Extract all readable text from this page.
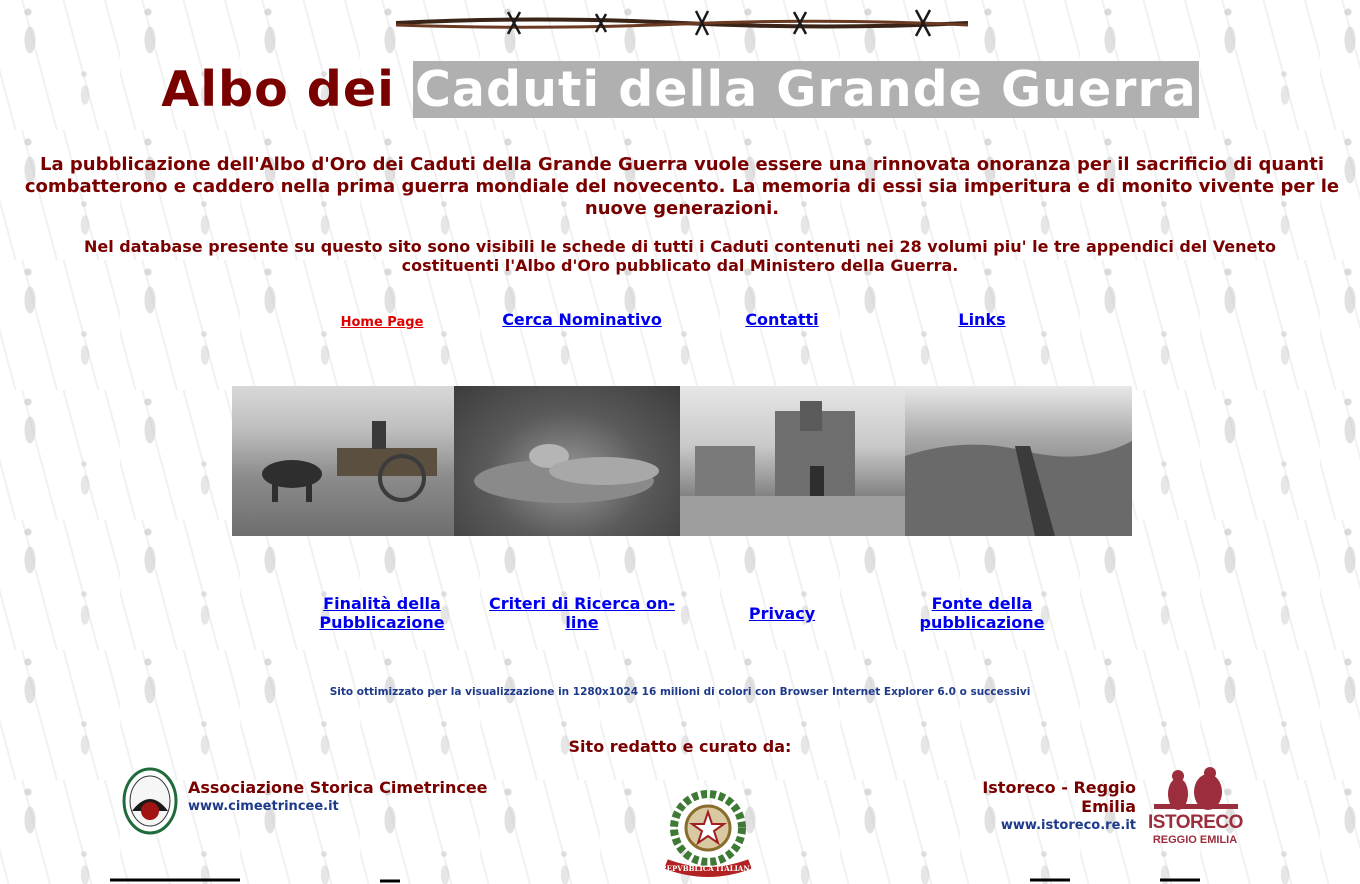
Albo dei Caduti della Grande Guerra
La pubblicazione dell'Albo d'Oro dei Caduti della Grande Guerra vuole essere una rinnovata onoranza per il sacrificio di quanti combatterono e caddero nella prima guerra mondiale del novecento. La memoria di essi sia imperitura e di monito vivente per le nuove generazioni.
Nel database presente su questo sito sono visibili le schede di tutti i Caduti contenuti nei 28 volumi piu' le tre appendici del Veneto costituenti l'Albo d'Oro pubblicato dal Ministero della Guerra.
Home Page	Cerca Nominativo	Contatti	Links
Finalità della Pubblicazione
Criteri di Ricerca on-line	Privacy
Fonte della pubblicazione
Sito ottimizzato per la visualizzazione in 1280x1024 16 milioni di colori con Browser Internet Explorer 6.0 o successivi
Sito redatto e curato da:
Associazione Storica Cimetrincee
www.cimeetrincee.it
REPVBBLICA ITALIANA
Istoreco - Reggio Emilia
www.istoreco.re.it ISTORECO
REGGIO EMILIA
